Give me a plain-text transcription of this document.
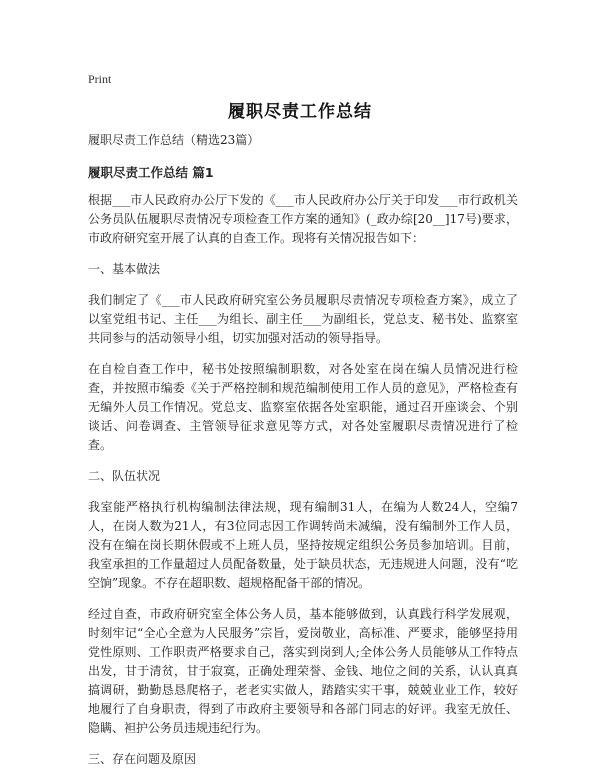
Print
履职尽责工作总结

履职尽责工作总结（精选23篇）

履职尽责工作总结 篇1

根据___市人民政府办公厅下发的《___市人民政府办公厅关于印发___市行政机关公务员队伍履职尽责情况专项检查工作方案的通知》(_政办综[20__]17号)要求，市政府研究室开展了认真的自查工作。现将有关情况报告如下：

一、基本做法

我们制定了《___市人民政府研究室公务员履职尽责情况专项检查方案》，成立了以室党组书记、主任___为组长、副主任___为副组长，党总支、秘书处、监察室共同参与的活动领导小组，切实加强对活动的领导指导。

在自检自查工作中，秘书处按照编制职数，对各处室在岗在编人员情况进行检查，并按照市编委《关于严格控制和规范编制使用工作人员的意见》，严格检查有无编外人员工作情况。党总支、监察室依据各处室职能，通过召开座谈会、个别谈话、问卷调查、主管领导征求意见等方式，对各处室履职尽责情况进行了检查。

二、队伍状况

我室能严格执行机构编制法律法规，现有编制31人，在编为人数24人，空编7人，在岗人数为21人，有3位同志因工作调转尚未减编，没有编制外工作人员，没有在编在岗长期休假或不上班人员，坚持按规定组织公务员参加培训。目前，我室承担的工作量超过人员配备数量，处于缺员状态，无违规进人问题，没有“吃空饷”现象。不存在超职数、超规格配备干部的情况。

经过自查，市政府研究室全体公务人员，基本能够做到，认真践行科学发展观，时刻牢记“全心全意为人民服务”宗旨，爱岗敬业，高标准、严要求，能够坚持用党性原则、工作职责严格要求自己，落实到岗到人;全体公务人员能够从工作特点出发，甘于清贫，甘于寂寞，正确处理荣誉、金钱、地位之间的关系，认认真真搞调研，勤勤恳恳爬格子，老老实实做人，踏踏实实干事，兢兢业业工作，较好地履行了自身职责，得到了市政府主要领导和各部门同志的好评。我室无放任、隐瞒、袒护公务员违规违纪行为。

三、存在问题及原因
